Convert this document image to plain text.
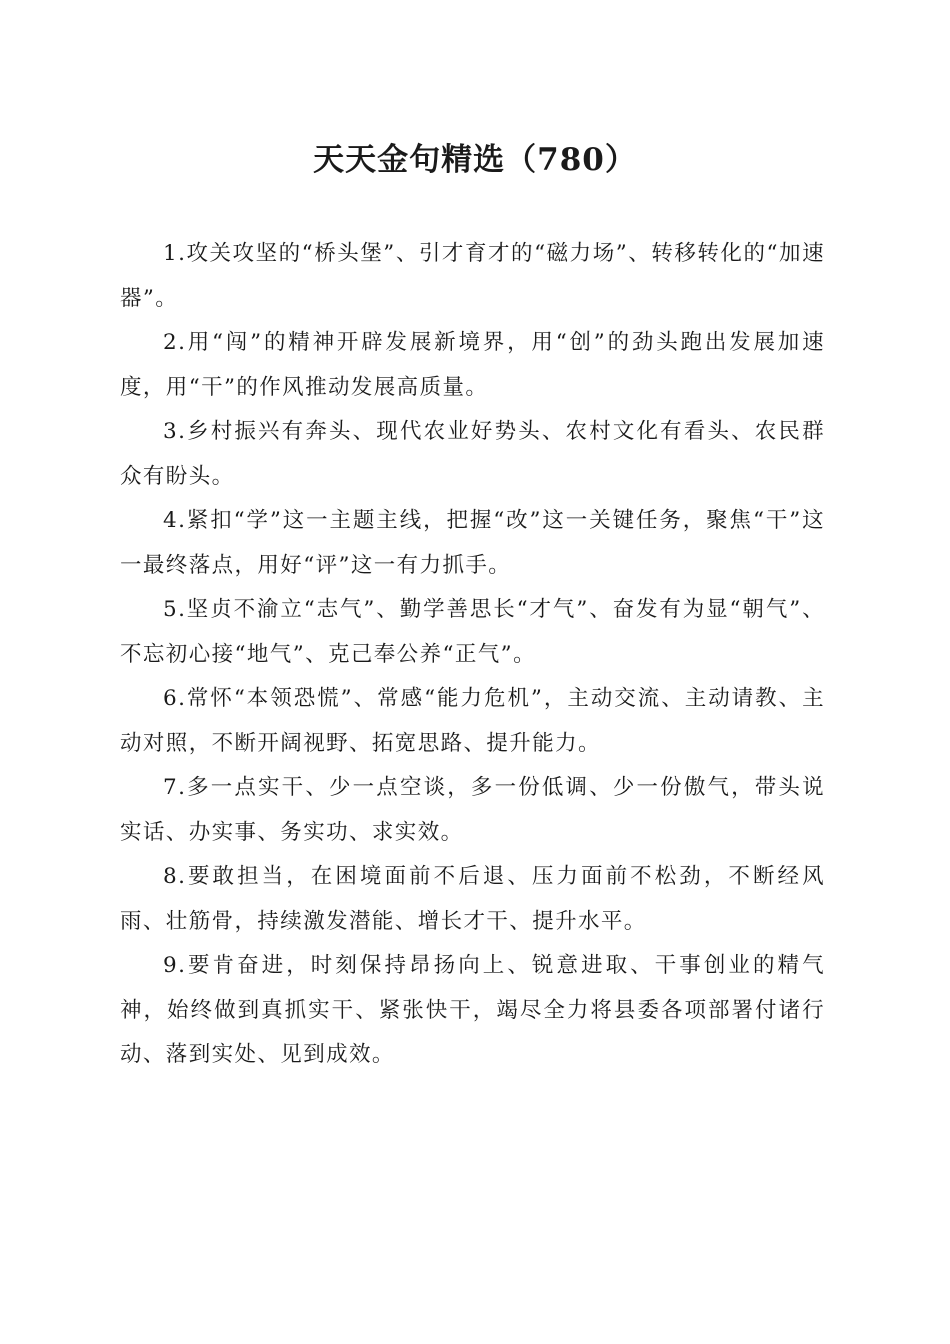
天天金句精选（780）

1.攻关攻坚的“桥头堡”、引才育才的“磁力场”、转移转化的“加速器”。

2.用“闯”的精神开辟发展新境界，用“创”的劲头跑出发展加速度，用“干”的作风推动发展高质量。

3.乡村振兴有奔头、现代农业好势头、农村文化有看头、农民群众有盼头。

4.紧扣“学”这一主题主线，把握“改”这一关键任务，聚焦“干”这一最终落点，用好“评”这一有力抓手。

5.坚贞不渝立“志气”、勤学善思长“才气”、奋发有为显“朝气”、不忘初心接“地气”、克己奉公养“正气”。

6.常怀“本领恐慌”、常感“能力危机”，主动交流、主动请教、主动对照，不断开阔视野、拓宽思路、提升能力。

7.多一点实干、少一点空谈，多一份低调、少一份傲气，带头说实话、办实事、务实功、求实效。

8.要敢担当，在困境面前不后退、压力面前不松劲，不断经风雨、壮筋骨，持续激发潜能、增长才干、提升水平。

9.要肯奋进，时刻保持昂扬向上、锐意进取、干事创业的精气神，始终做到真抓实干、紧张快干，竭尽全力将县委各项部署付诸行动、落到实处、见到成效。
